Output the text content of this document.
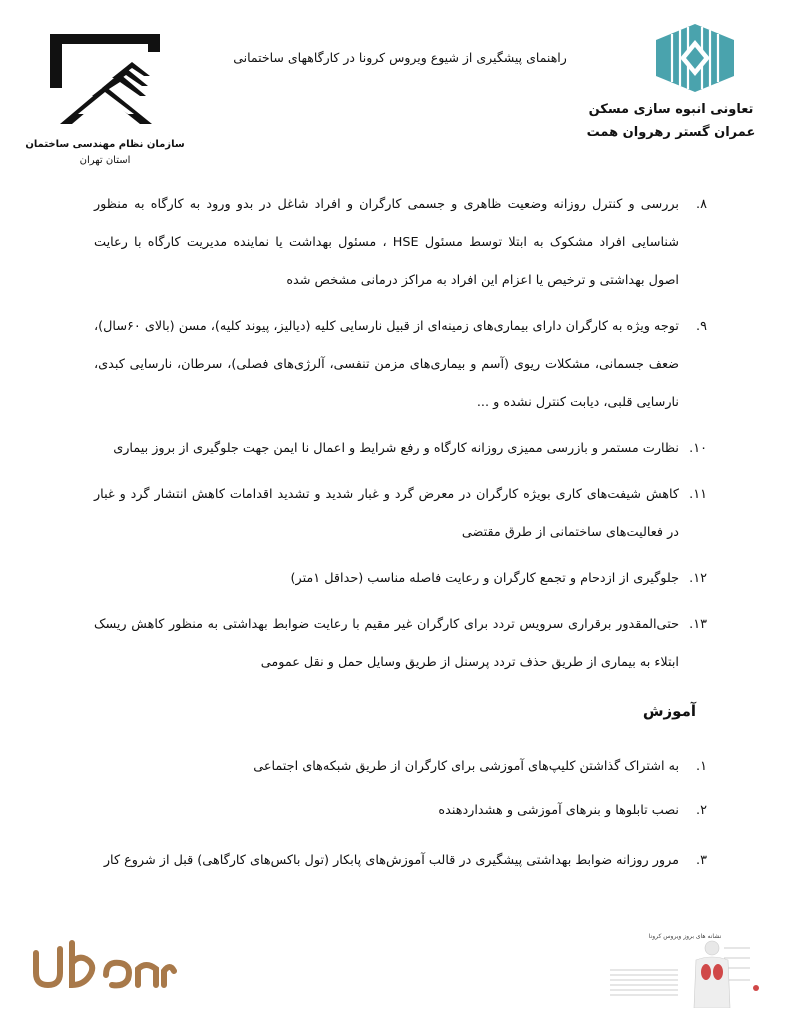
سازمان نظام مهندسی ساختمان
استان تهران
راهنمای پیشگیری از شیوع ویروس کرونا در کارگاههای ساختمانی
تعاونی انبوه سازی مسکن
عمران گستر رهروان همت
۸.
بررسی و کنترل روزانه وضعیت ظاهری و جسمی کارگران و افراد شاغل در بدو ورود به کارگاه به منظور شناسایی افراد مشکوک به ابتلا توسط مسئول HSE ، مسئول بهداشت یا نماینده مدیریت کارگاه با رعایت اصول بهداشتی و ترخیص یا اعزام این افراد به مراکز درمانی مشخص شده
۹.
توجه ویژه به کارگران دارای بیماری‌های زمینه‌ای از قبیل نارسایی کلیه (دیالیز، پیوند کلیه)، مسن (بالای ۶۰سال)، ضعف جسمانی، مشکلات ریوی (آسم و بیماری‌های مزمن تنفسی، آلرژی‌های فصلی)، سرطان، نارسایی کبدی، نارسایی قلبی، دیابت کنترل نشده و ...
۱۰.
نظارت مستمر و بازرسی ممیزی روزانه کارگاه و رفع شرایط و اعمال نا ایمن جهت جلوگیری از بروز بیماری
۱۱.
کاهش شیفت‌های کاری بویژه کارگران در معرض گرد و غبار شدید و تشدید اقدامات کاهش انتشار گرد و غبار در فعالیت‌های ساختمانی از طرق مقتضی
۱۲.
جلوگیری از ازدحام و تجمع کارگران و رعایت فاصله مناسب (حداقل ۱متر)
۱۳.
حتی‌المقدور برقراری سرویس تردد برای کارگران غیر مقیم با رعایت ضوابط بهداشتی به منظور کاهش ریسک ابتلاء به بیماری از طریق حذف تردد پرسنل از طریق وسایل حمل و نقل عمومی
آموزش
۱.
به اشتراک گذاشتن کلیپ‌های آموزشی برای کارگران از طریق شبکه‌های اجتماعی
۲.
نصب تابلوها و بنرهای آموزشی و هشداردهنده
۳.
مرور روزانه ضوابط بهداشتی پیشگیری در قالب آموزش‌های پابکار (تول باکس‌های کارگاهی) قبل از شروع کار
نشانه های بروز ویروس کرونا
